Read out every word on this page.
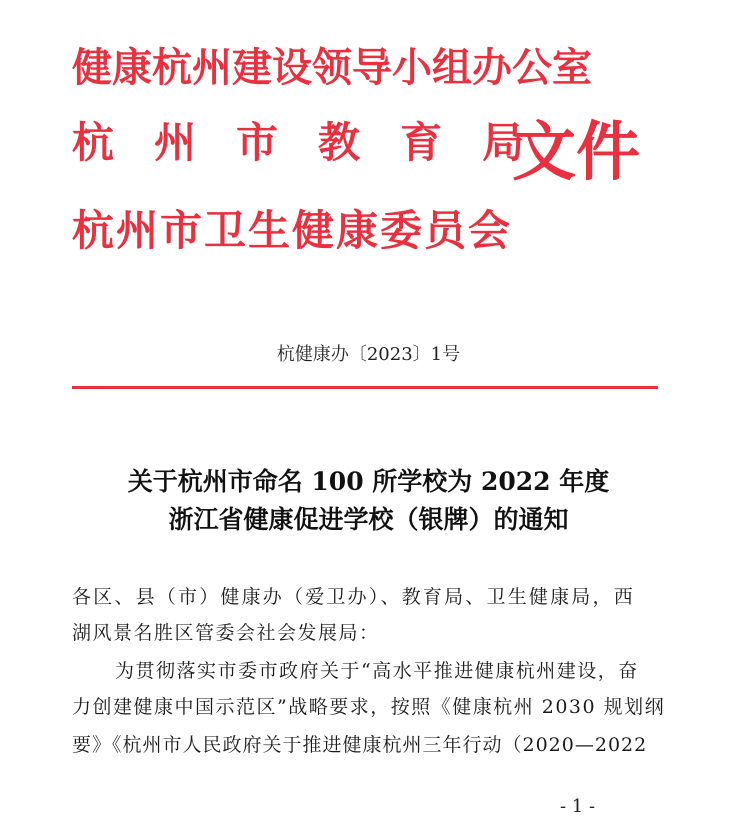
健康杭州建设领导小组办公室
杭州市教育局
文件
杭州市卫生健康委员会
杭健康办〔2023〕1号
关于杭州市命名 100 所学校为 2022 年度
浙江省健康促进学校（银牌）的通知
各区、县（市）健康办（爱卫办）、教育局、卫生健康局，西
湖风景名胜区管委会社会发展局：
为贯彻落实市委市政府关于“高水平推进健康杭州建设，奋
力创建健康中国示范区”战略要求，按照《健康杭州 2030 规划纲
要》《杭州市人民政府关于推进健康杭州三年行动（2020—2022
- 1 -
